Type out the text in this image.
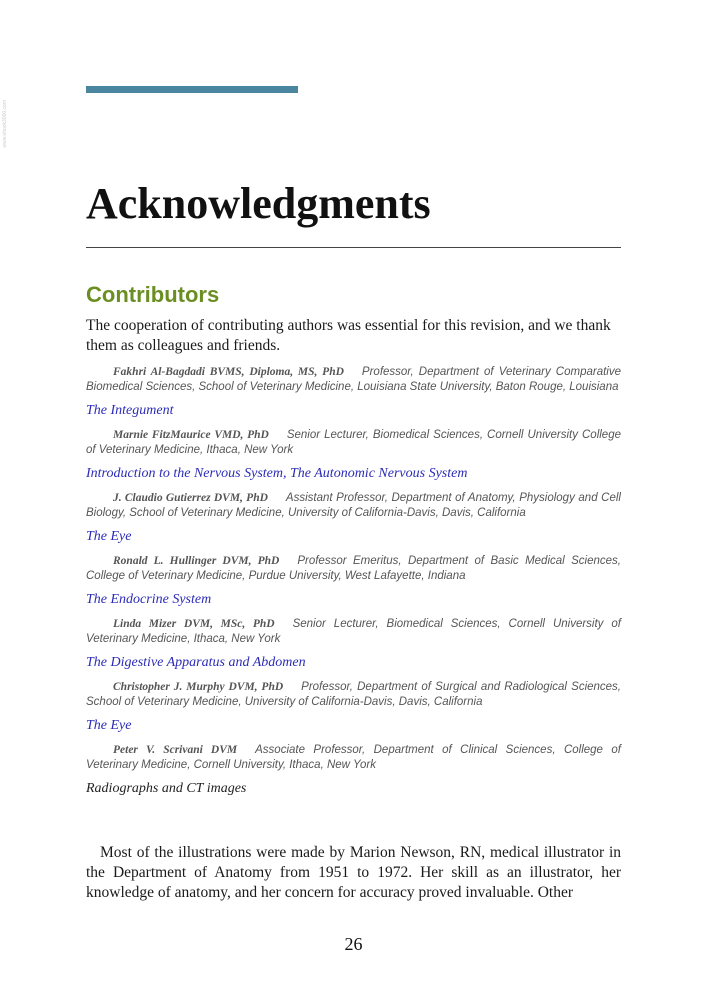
www.ebook3000.com
Acknowledgments
Contributors

The cooperation of contributing authors was essential for this revision, and we thank them as colleagues and friends.

Fakhri Al-Bagdadi BVMS, Diploma, MS, PhD Professor, Department of Veterinary Comparative Biomedical Sciences, School of Veterinary Medicine, Louisiana State University, Baton Rouge, Louisiana

The Integument

Marnie FitzMaurice VMD, PhD Senior Lecturer, Biomedical Sciences, Cornell University College of Veterinary Medicine, Ithaca, New York

Introduction to the Nervous System, The Autonomic Nervous System

J. Claudio Gutierrez DVM, PhD Assistant Professor, Department of Anatomy, Physiology and Cell Biology, School of Veterinary Medicine, University of California-Davis, Davis, California

The Eye

Ronald L. Hullinger DVM, PhD Professor Emeritus, Department of Basic Medical Sciences, College of Veterinary Medicine, Purdue University, West Lafayette, Indiana

The Endocrine System

Linda Mizer DVM, MSc, PhD Senior Lecturer, Biomedical Sciences, Cornell University of Veterinary Medicine, Ithaca, New York

The Digestive Apparatus and Abdomen

Christopher J. Murphy DVM, PhD Professor, Department of Surgical and Radiological Sciences, School of Veterinary Medicine, University of California-Davis, Davis, California

The Eye

Peter V. Scrivani DVM Associate Professor, Department of Clinical Sciences, College of Veterinary Medicine, Cornell University, Ithaca, New York

Radiographs and CT images

Most of the illustrations were made by Marion Newson, RN, medical illustrator in the Department of Anatomy from 1951 to 1972. Her skill as an illustrator, her knowledge of anatomy, and her concern for accuracy proved invaluable. Other

26
